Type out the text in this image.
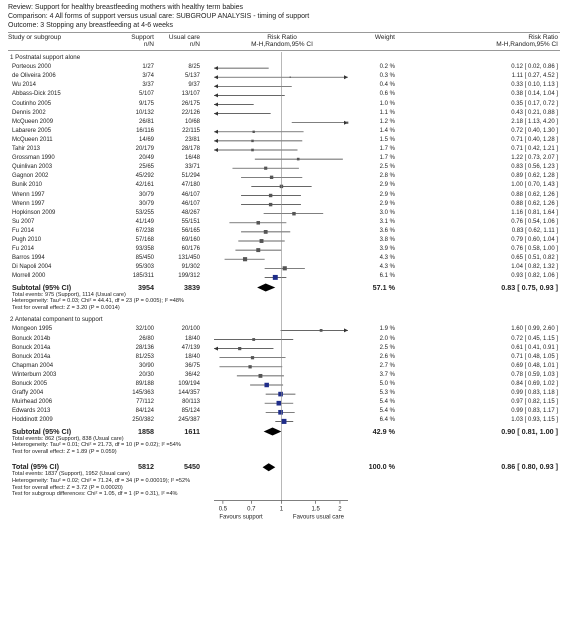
Review: Support for healthy breastfeeding mothers with healthy term babies
Comparison: 4 All forms of support versus usual care: SUBGROUP ANALYSIS - timing of support
Outcome: 3 Stopping any breastfeeding at 4-6 weeks
Study or subgroup	Support
n/N
Usual care
n/N
Risk Ratio
M-H,Random,95% CI
Weight	Risk Ratio
M-H,Random,95% CI
1 Postnatal support alone
Porteous 2000	1/27	8/25	0.2 %	0.12 [ 0.02, 0.86 ]
de Oliveira 2006	3/74	5/137	0.3 %	1.11 [ 0.27, 4.52 ]
Wu 2014	3/37	9/37	0.4 %	0.33 [ 0.10, 1.13 ]
Abbass-Dick 2015	5/107	13/107	0.6 %	0.38 [ 0.14, 1.04 ]
Coutinho 2005	9/175	26/175	1.0 %	0.35 [ 0.17, 0.72 ]
Dennis 2002	10/132	22/126	1.1 %	0.43 [ 0.21, 0.88 ]
McQueen 2009	26/81	10/68	1.2 %	2.18 [ 1.13, 4.20 ]
Labarere 2005	16/116	22/115	1.4 %	0.72 [ 0.40, 1.30 ]
McQueen 2011	14/69	23/81	1.5 %	0.71 [ 0.40, 1.28 ]
Tahir 2013	20/179	28/178	1.7 %	0.71 [ 0.42, 1.21 ]
Grossman 1990	20/49	16/48	1.7 %	1.22 [ 0.73, 2.07 ]
Quinlivan 2003	25/65	33/71	2.5 %	0.83 [ 0.56, 1.23 ]
Gagnon 2002	45/292	51/294	2.8 %	0.89 [ 0.62, 1.28 ]
Bunik 2010	42/161	47/180	2.9 %	1.00 [ 0.70, 1.43 ]
Wrenn 1997	30/79	46/107	2.9 %	0.88 [ 0.62, 1.26 ]
Wrenn 1997	30/79	46/107	2.9 %	0.88 [ 0.62, 1.26 ]
Hopkinson 2009	53/255	48/267	3.0 %	1.16 [ 0.81, 1.64 ]
Su 2007	41/149	55/151	3.1 %	0.76 [ 0.54, 1.06 ]
Fu 2014	67/238	56/165	3.6 %	0.83 [ 0.62, 1.11 ]
Pugh 2010	57/168	69/160	3.8 %	0.79 [ 0.60, 1.04 ]
Fu 2014	93/358	60/176	3.9 %	0.76 [ 0.58, 1.00 ]
Barros 1994	85/450	131/450	4.3 %	0.65 [ 0.51, 0.82 ]
Di Napoli 2004	95/303	91/302	4.3 %	1.04 [ 0.82, 1.32 ]
Morrell 2000	185/311	199/312	6.1 %	0.93 [ 0.82, 1.06 ]
Subtotal (95% CI)	3954	3839	57.1 %	0.83 [ 0.75, 0.93 ]
Total events: 975 (Support), 1114 (Usual care)
Heterogeneity: Tau² = 0.03; Chi² = 44.41, df = 23 (P = 0.005); I² =48%
Test for overall effect: Z = 3.20 (P = 0.0014)
2 Antenatal component to support
Mongeon 1995	32/100	20/100	1.9 %	1.60 [ 0.99, 2.60 ]
Bonuck 2014b	26/80	18/40	2.0 %	0.72 [ 0.45, 1.15 ]
Bonuck 2014a	28/136	47/139	2.5 %	0.61 [ 0.41, 0.91 ]
Bonuck 2014a	81/253	18/40	2.6 %	0.71 [ 0.48, 1.05 ]
Chapman 2004	30/90	36/75	2.7 %	0.69 [ 0.48, 1.01 ]
Winterburn 2003	20/30	36/42	3.7 %	0.78 [ 0.59, 1.03 ]
Bonuck 2005	89/188	109/194	5.0 %	0.84 [ 0.69, 1.02 ]
Graffy 2004	145/363	144/357	5.3 %	0.99 [ 0.83, 1.18 ]
Muirhead 2006	77/112	80/113	5.4 %	0.97 [ 0.82, 1.15 ]
Edwards 2013	84/124	85/124	5.4 %	0.99 [ 0.83, 1.17 ]
Hoddinott 2009	250/382	245/387	6.4 %	1.03 [ 0.93, 1.15 ]
Subtotal (95% CI)	1858	1611	42.9 %	0.90 [ 0.81, 1.00 ]
Total events: 862 (Support), 838 (Usual care)
Heterogeneity: Tau² = 0.01; Chi² = 21.73, df = 10 (P = 0.02); I² =54%
Test for overall effect: Z = 1.89 (P = 0.059)
Total (95% CI)	5812	5450	100.0 %	0.86 [ 0.80, 0.93 ]
Total events: 1837 (Support), 1952 (Usual care)
Heterogeneity: Tau² = 0.02; Chi² = 71.24, df = 34 (P = 0.00019); I² =52%
Test for overall effect: Z = 3.72 (P = 0.00020)
Test for subgroup differences: Chi² = 1.05, df = 1 (P = 0.31), I² =4%
0.5	0.7	1	1.5	2
Favours support	Favours usual care
